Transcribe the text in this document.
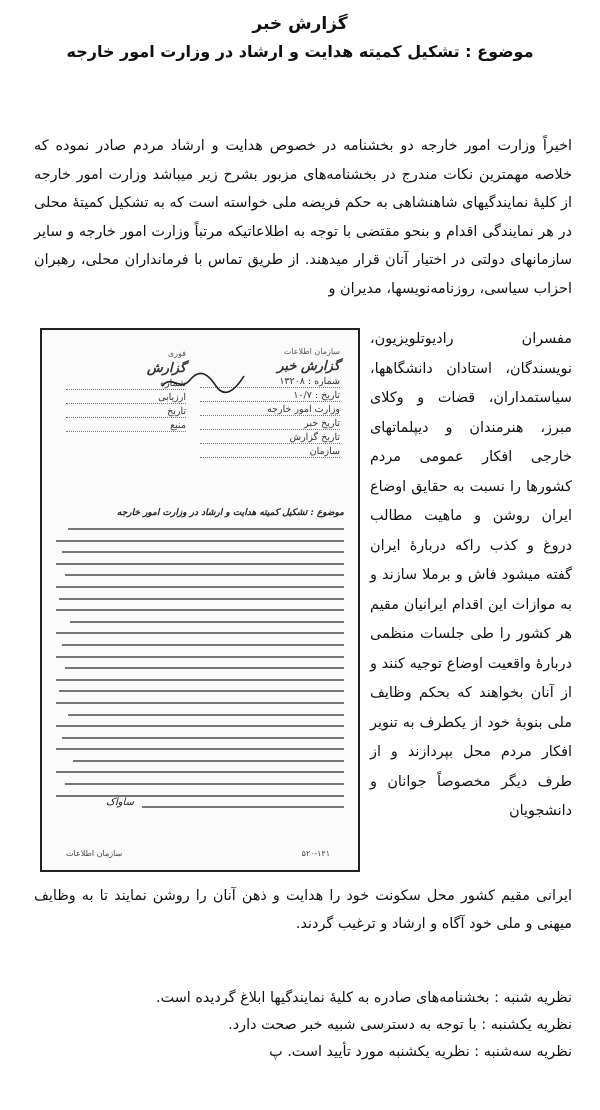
گزارش خبر
موضوع : تشکیل کمیته هدایت و ارشاد در وزارت امور خارجه
اخیراً وزارت امور خارجه دو بخشنامه در خصوص هدایت و ارشاد مردم صادر نموده که خلاصه مهمترین نکات مندرج در بخشنامه‌های مزبور بشرح زیر میباشد وزارت امور خارجه از کلیهٔ نمایندگیهای شاهنشاهی به حکم فریضه ملی خواسته است که به تشکیل کمیتهٔ محلی در هر نمایندگی اقدام و بنحو مقتضی با توجه به اطلاعاتیکه مرتباً وزارت امور خارجه و سایر سازمانهای دولتی در اختیار آنان قرار میدهند. از طریق تماس با فرمانداران محلی، رهبران احزاب سیاسی، روزنامه‌نویسها، مدیران و
مفسران رادیوتلویزیون، نویسندگان، استادان دانشگاهها، سیاستمداران، قضات و وکلای مبرز، هنرمندان و دیپلماتهای خارجی افکار عمومی مردم کشورها را نسبت به حقایق اوضاع ایران روشن و ماهیت مطالب دروغ و کذب راکه دربارهٔ ایران گفته میشود فاش و برملا سازند و به موازات این اقدام ایرانیان مقیم هر کشور را طی جلسات منظمی دربارهٔ واقعیت اوضاع توجیه کنند و از آنان بخواهند که بحکم وظایف ملی بنوبهٔ خود از یکطرف به تنویر افکار مردم محل بپردازند و از طرف دیگر مخصوصاً جوانان و دانشجویان
سازمان اطلاعات
گزارش خبر
شماره : ۱۳۲۰۸
تاریخ : ۱۰/۷
وزارت امور خارجه
تاریخ خبر
تاریخ گزارش
سازمان
فوری
گزارش
شماره
ارزیابی
تاریخ
منبع
موضوع : تشکیل کمیته هدایت و ارشاد در وزارت امور خارجه
ساواک
۵۲۰-۱۲۱
سازمان اطلاعات
ایرانی مقیم کشور محل سکونت خود را هدایت و ذهن آنان را روشن نمایند تا به وظایف میهنی و ملی خود آگاه و ارشاد و ترغیب گردند.

نظریه شنبه : بخشنامه‌های صادره به کلیهٔ نمایندگیها ابلاغ گردیده است.

نظریه یکشنبه : با توجه به دسترسی شبیه خبر صحت دارد.

نظریه سه‌شنبه : نظریه یکشنبه مورد تأیید است. پ
